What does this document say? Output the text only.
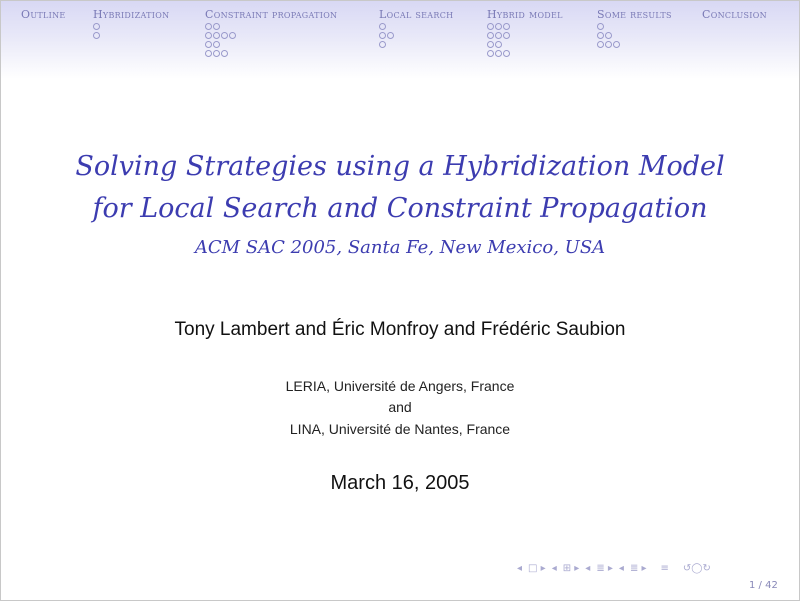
Outline Hybridization	Constraint propagation	Local search	Hybrid model	Some results	Conclusion
Solving Strategies using a Hybridization Model
for Local Search and Constraint Propagation
ACM SAC 2005, Santa Fe, New Mexico, USA
Tony Lambert and Éric Monfroy and Frédéric Saubion
LERIA, Université de Angers, France
and
LINA, Université de Nantes, France
March 16, 2005
◂ □ ▸ ◂ ⊞ ▸ ◂ ≣ ▸ ◂ ≣ ▸ ≡ ↺◯↻
1 / 42
